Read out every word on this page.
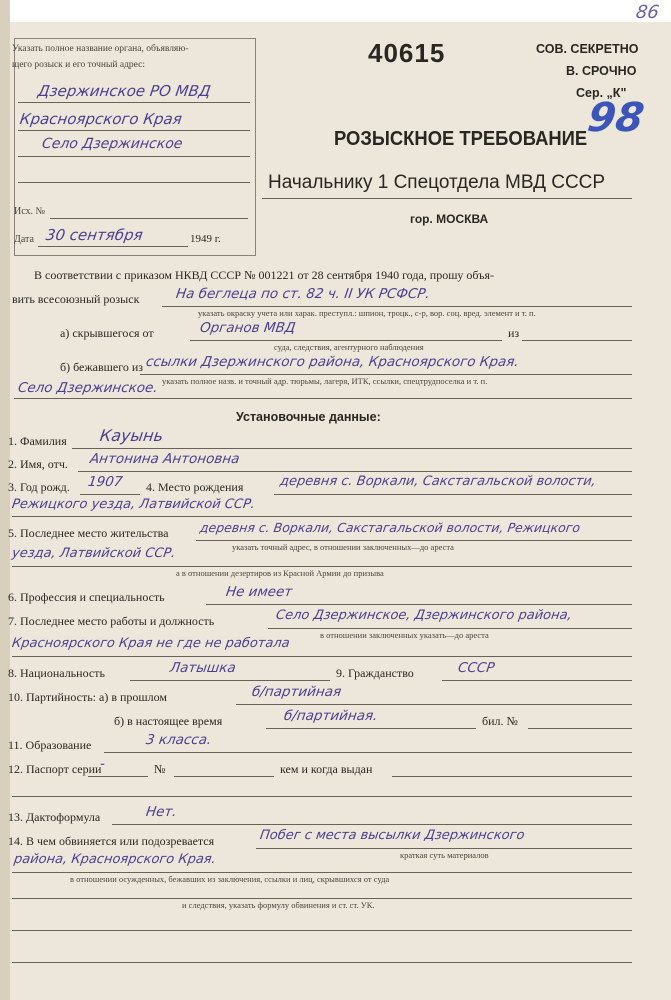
86
98
40615	СОВ. СЕКРЕТНО
В. СРОЧНО
Сер. „К"
Указать полное название органа, объявляю-
щего розыск и его точный адрес:
Дзержинское РО МВД
Красноярского Края
Село Дзержинское
Исх. №
Дата 30 сентября	1949 г.
РОЗЫСКНОЕ ТРЕБОВАНИЕ
Начальнику 1 Спецотдела МВД СССР
гор. МОСКВА
В соответствии с приказом НКВД СССР № 001221 от 28 сентября 1940 года, прошу объя-
вить всесоюзный розыск	На беглеца по ст. 82 ч. II УК РСФСР.
указать окраску учета или харак. преступл.: шпион, троцк., с-р, вор. соц. вред. элемент и т. п.
а) скрывшегося от	Органов МВД	из
суда, следствия, агентурного наблюдения
б) бежавшего из ссылки Дзержинского района, Красноярского Края.
указать полное назв. и точный адр. тюрьмы, лагеря, ИТК, ссылки, спецтрудпоселка и т. п.
Село Дзержинское.
Установочные данные:
1. Фамилия Кауынь
2. Имя, отч. Антонина Антоновна
3. Год рожд. 1907 4. Место рождения	деревня с. Воркали, Сакстагальской волости,
Режицкого уезда, Латвийской ССР.
5. Последнее место жительства деревня с. Воркали, Сакстагальской волости, Режицкого
уезда, Латвийской ССР.	указать точный адрес, в отношении заключенных—до ареста
а в отношении дезертиров из Красной Армии до призыва
6. Профессия и специальность	Не имеет
7. Последнее место работы и должность	Село Дзержинское, Дзержинского района,
в отношении заключенных указать—до ареста
Красноярского Края не где не работала
8. Национальность	Латышка	9. Гражданство	СССР
10. Партийность: а) в прошлом	б/партийная
б) в настоящее время	б/партийная.	бил. №
11. Образование	3 класса.
12. Паспорт серии
-	№	кем и когда выдан
13. Дактоформула	Нет.
14. В чем обвиняется или подозревается	Побег с места высылки Дзержинского
краткая суть материалов
района, Красноярского Края.
в отношении осужденных, бежавших из заключения, ссылки и лиц, скрывшихся от суда
и следствия, указать формулу обвинения и ст. ст. УК.
